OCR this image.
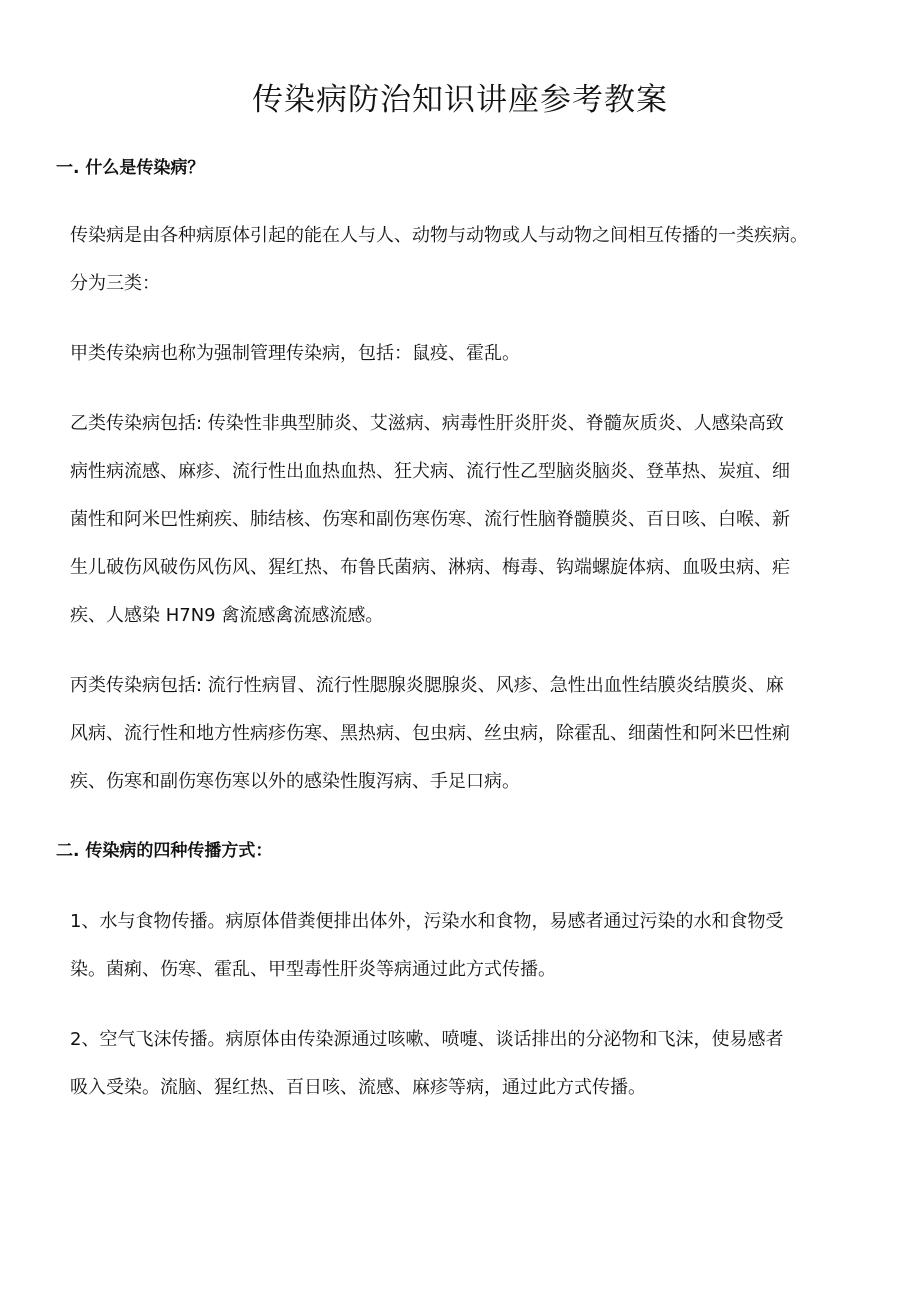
传染病防治知识讲座参考教案
一. 什么是传染病？
传染病是由各种病原体引起的能在人与人、动物与动物或人与动物之间相互传播的一类疾病。
分为三类：
甲类传染病也称为强制管理传染病，包括：鼠疫、霍乱。
乙类传染病包括: 传染性非典型肺炎、艾滋病、病毒性肝炎肝炎、脊髓灰质炎、人感染高致
病性病流感、麻疹、流行性出血热血热、狂犬病、流行性乙型脑炎脑炎、登革热、炭疽、细
菌性和阿米巴性痢疾、肺结核、伤寒和副伤寒伤寒、流行性脑脊髓膜炎、百日咳、白喉、新
生儿破伤风破伤风伤风、猩红热、布鲁氏菌病、淋病、梅毒、钩端螺旋体病、血吸虫病、疟
疾、人感染 H7N9 禽流感禽流感流感。
丙类传染病包括: 流行性病冒、流行性腮腺炎腮腺炎、风疹、急性出血性结膜炎结膜炎、麻
风病、流行性和地方性病疹伤寒、黑热病、包虫病、丝虫病，除霍乱、细菌性和阿米巴性痢
疾、伤寒和副伤寒伤寒以外的感染性腹泻病、手足口病。
二. 传染病的四种传播方式：
1、水与食物传播。病原体借粪便排出体外，污染水和食物，易感者通过污染的水和食物受
染。菌痢、伤寒、霍乱、甲型毒性肝炎等病通过此方式传播。
2、空气飞沫传播。病原体由传染源通过咳嗽、喷嚏、谈话排出的分泌物和飞沫，使易感者
吸入受染。流脑、猩红热、百日咳、流感、麻疹等病，通过此方式传播。
